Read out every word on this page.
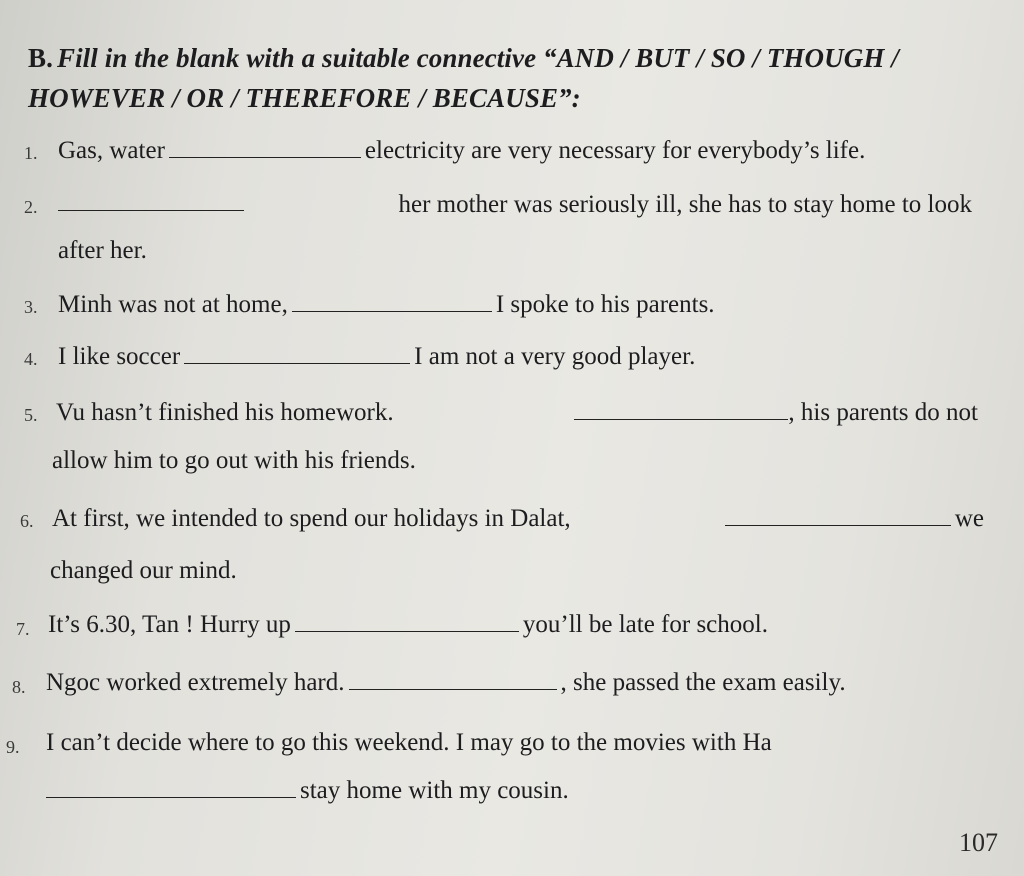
B. Fill in the blank with a suitable connective “AND / BUT / SO / THOUGH / HOWEVER / OR / THEREFORE / BECAUSE”:
1. Gas, water	electricity are very necessary for everybody’s life.
2.	her mother was seriously ill, she has to stay home to look
after her.
3. Minh was not at home,	I spoke to his parents.
4. I like soccer	I am not a very good player.
5. Vu hasn’t finished his homework.	, his parents do not
allow him to go out with his friends.
6. At first, we intended to spend our holidays in Dalat,	we
changed our mind.
7. It’s 6.30, Tan ! Hurry up	you’ll be late for school.
8. Ngoc worked extremely hard.	, she passed the exam easily.
9. I can’t decide where to go this weekend. I may go to the movies with Ha
stay home with my cousin.
107
